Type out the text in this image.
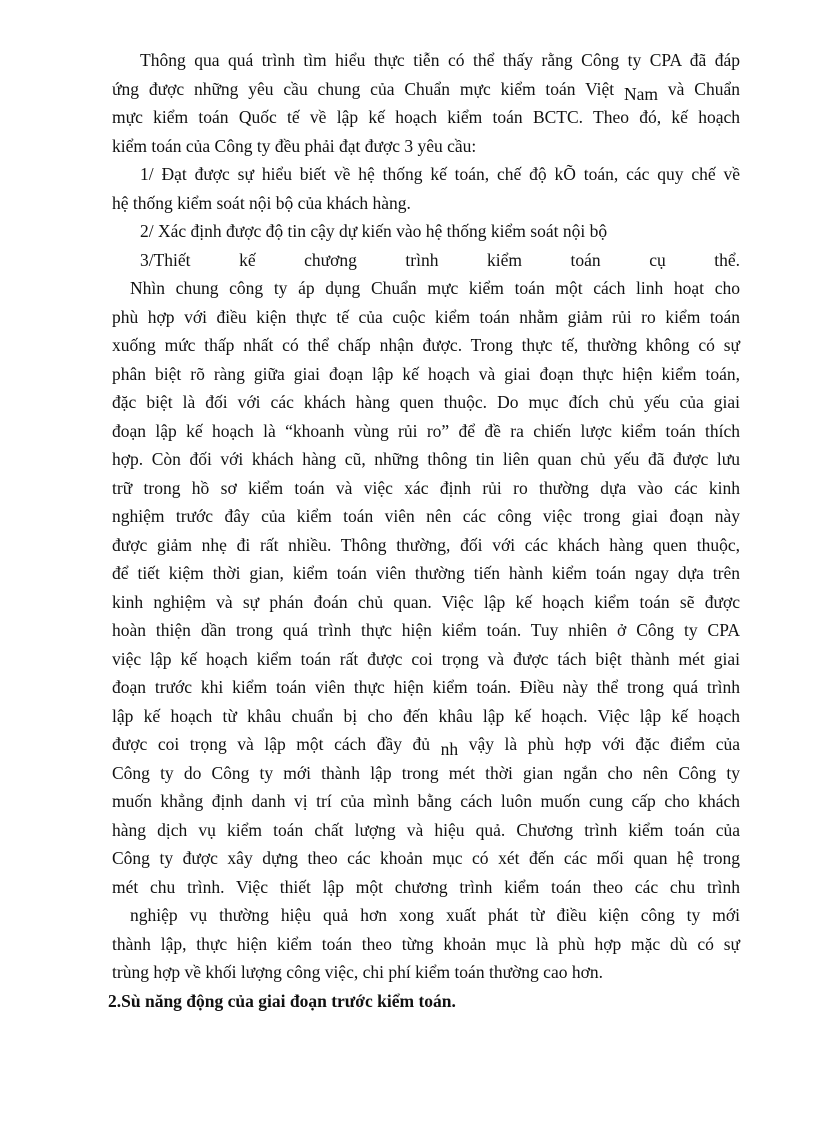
Thông qua quá trình tìm hiểu thực tiễn có thể thấy rằng Công ty CPA đã đáp
ứng được những yêu cầu chung của Chuẩn mực kiểm toán Việt Nam và Chuẩn
mực kiểm toán Quốc tế về lập kế hoạch kiểm toán BCTC. Theo đó, kế hoạch
kiểm toán của Công ty đều phải đạt được 3 yêu cầu:
1/ Đạt được sự hiểu biết về hệ thống kế toán, chế độ kÕ toán, các quy chế về
hệ thống kiểm soát nội bộ của khách hàng.
2/ Xác định được độ tin cậy dự kiến vào hệ thống kiểm soát nội bộ
3/Thiết kế chương trình kiểm toán cụ thể.
Nhìn chung công ty áp dụng Chuẩn mực kiểm toán một cách linh hoạt cho
phù hợp với điều kiện thực tế của cuộc kiểm toán nhằm giảm rủi ro kiểm toán
xuống mức thấp nhất có thể chấp nhận được. Trong thực tế, thường không có sự
phân biệt rõ ràng giữa giai đoạn lập kế hoạch và giai đoạn thực hiện kiểm toán,
đặc biệt là đối với các khách hàng quen thuộc. Do mục đích chủ yếu của giai
đoạn lập kế hoạch là “khoanh vùng rủi ro” để đề ra chiến lược kiểm toán thích
hợp. Còn đối với khách hàng cũ, những thông tin liên quan chủ yếu đã được lưu
trữ trong hồ sơ kiểm toán và việc xác định rủi ro thường dựa vào các kinh
nghiệm trước đây của kiểm toán viên nên các công việc trong giai đoạn này
được giảm nhẹ đi rất nhiều. Thông thường, đối với các khách hàng quen thuộc,
để tiết kiệm thời gian, kiểm toán viên thường tiến hành kiểm toán ngay dựa trên
kinh nghiệm và sự phán đoán chủ quan. Việc lập kế hoạch kiểm toán sẽ được
hoàn thiện dần trong quá trình thực hiện kiểm toán. Tuy nhiên ở Công ty CPA
việc lập kế hoạch kiểm toán rất được coi trọng và được tách biệt thành mét giai
đoạn trước khi kiểm toán viên thực hiện kiểm toán. Điều này thể trong quá trình
lập kế hoạch từ khâu chuẩn bị cho đến khâu lập kế hoạch. Việc lập kế hoạch
được coi trọng và lập một cách đầy đủ nh vậy là phù hợp với đặc điểm của
Công ty do Công ty mới thành lập trong mét thời gian ngắn cho nên Công ty
muốn khẳng định danh vị trí của mình bằng cách luôn muốn cung cấp cho khách
hàng dịch vụ kiểm toán chất lượng và hiệu quả. Chương trình kiểm toán của
Công ty được xây dựng theo các khoản mục có xét đến các mối quan hệ trong
mét chu trình. Việc thiết lập một chương trình kiểm toán theo các chu trình
nghiệp vụ thường hiệu quả hơn xong xuất phát từ điều kiện công ty mới
thành lập, thực hiện kiểm toán theo từng khoản mục là phù hợp mặc dù có sự
trùng hợp về khối lượng công việc, chi phí kiểm toán thường cao hơn.
2.Sù năng động của giai đoạn trước kiểm toán.
